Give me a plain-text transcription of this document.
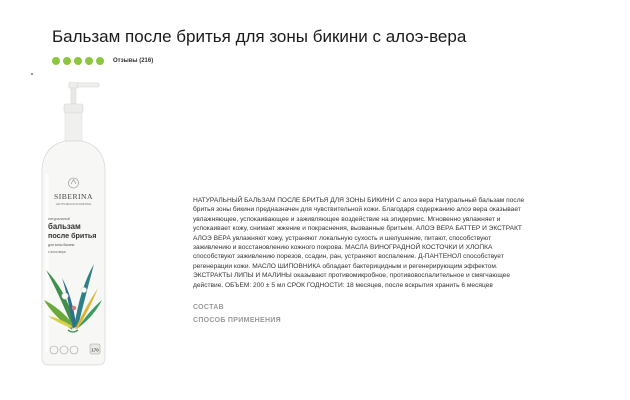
Бальзам после бритья для зоны бикини с алоэ-вера
Отзывы (216)
SIBERINA
НАТУРАЛЬНАЯ КОСМЕТИКА
натуральный
бальзам
после бритья
для зоны бикини
с алоэ-вера
170

НАТУРАЛЬНЫЙ БАЛЬЗАМ ПОСЛЕ БРИТЬЯ ДЛЯ ЗОНЫ БИКИНИ С алоэ вера Натуральный бальзам после бритья зоны бикини предназначен для чувствительной кожи. Благодаря содержанию алоэ вера оказывает увлажняющее, успокаивающее и заживляющее воздействие на эпидермис. Мгновенно увлажняет и успокаивает кожу, снимает жжение и покраснения, вызванные бритьем. АЛОЭ ВЕРА БАТТЕР И ЭКСТРАКТ АЛОЭ ВЕРА увлажняют кожу, устраняют локальную сухость и шелушение, питают, способствуют заживлению и восстановлению кожного покрова. МАСЛА ВИНОГРАДНОЙ КОСТОЧКИ И ХЛОПКА способствуют заживлению порезов, ссадин, ран, устраняют воспаление. Д-ПАНТЕНОЛ способствует регенерации кожи. МАСЛО ШИПОВНИКА обладает бактерицидным и регенерирующим эффектом. ЭКСТРАКТЫ ЛИПЫ И МАЛИНЫ оказывают противомикробное, противовоспалительное и смягчающее действие. ОБЪЕМ: 200 ± 5 мл СРОК ГОДНОСТИ: 18 месяцев, после вскрытия хранить 6 месяцев

СОСТАВ
СПОСОБ ПРИМЕНЕНИЯ
